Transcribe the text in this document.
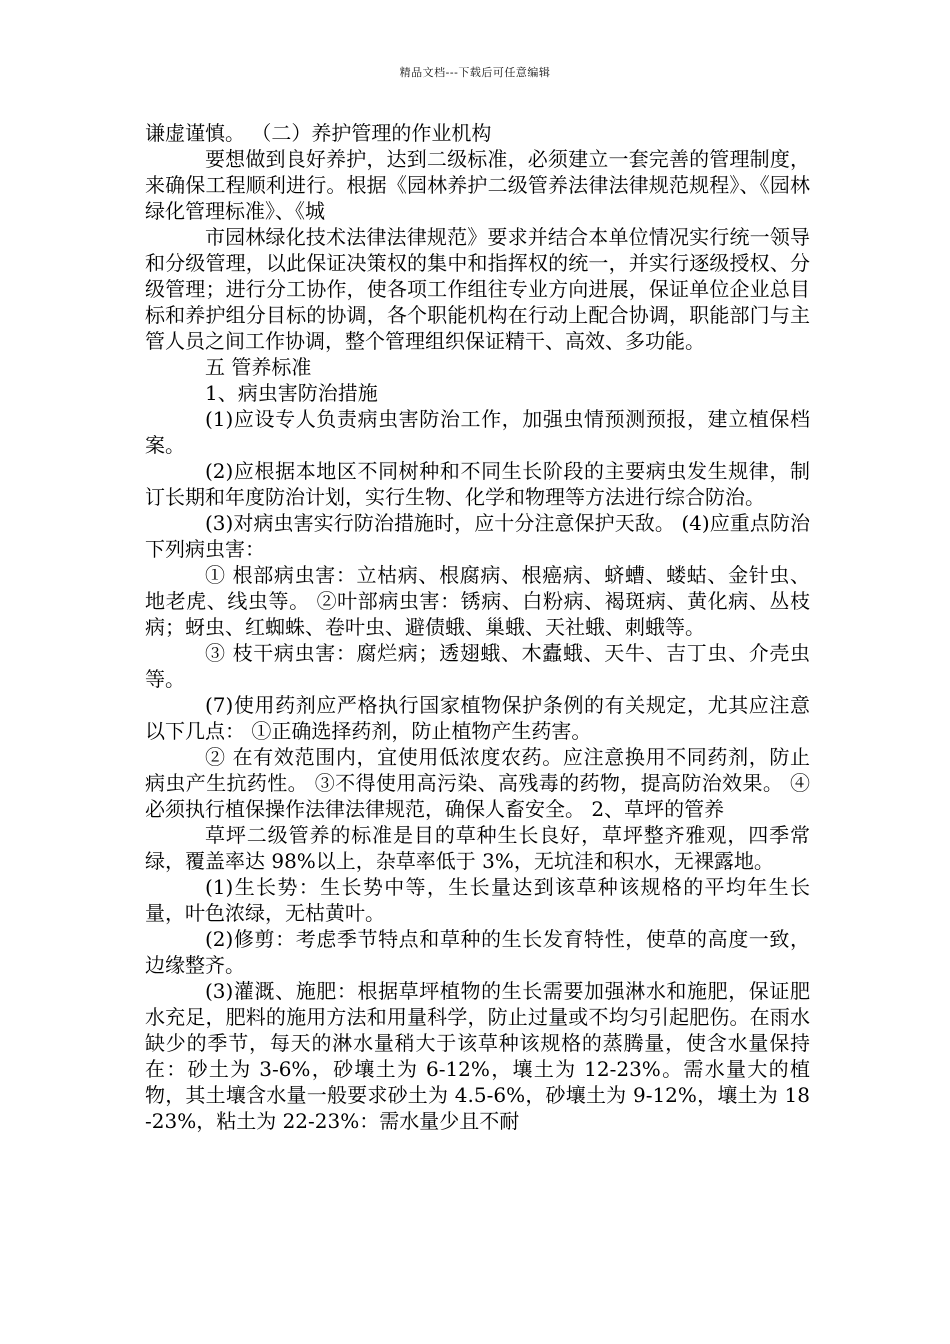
精品文档---下载后可任意编辑

谦虚谨慎。 （二）养护管理的作业机构

要想做到良好养护，达到二级标准，必须建立一套完善的管理制度，来确保工程顺利进行。根据《园林养护二级管养法律法律规范规程》、《园林绿化管理标准》、《城

市园林绿化技术法律法律规范》要求并结合本单位情况实行统一领导和分级管理，以此保证决策权的集中和指挥权的统一，并实行逐级授权、分级管理；进行分工协作，使各项工作组往专业方向进展，保证单位企业总目标和养护组分目标的协调，各个职能机构在行动上配合协调，职能部门与主管人员之间工作协调，整个管理组织保证精干、高效、多功能。

五 管养标准

1、病虫害防治措施

(1)应设专人负责病虫害防治工作，加强虫情预测预报，建立植保档案。

(2)应根据本地区不同树种和不同生长阶段的主要病虫发生规律，制订长期和年度防治计划，实行生物、化学和物理等方法进行综合防治。

(3)对病虫害实行防治措施时，应十分注意保护天敌。 (4)应重点防治下列病虫害：

① 根部病虫害：立枯病、根腐病、根癌病、蛴螬、蝼蛄、金针虫、地老虎、线虫等。 ②叶部病虫害：锈病、白粉病、褐斑病、黄化病、丛枝病；蚜虫、红蜘蛛、卷叶虫、避债蛾、巢蛾、天社蛾、刺蛾等。

③ 枝干病虫害：腐烂病；透翅蛾、木蠹蛾、天牛、吉丁虫、介壳虫等。

(7)使用药剂应严格执行国家植物保护条例的有关规定，尤其应注意以下几点： ①正确选择药剂，防止植物产生药害。

② 在有效范围内，宜使用低浓度农药。应注意换用不同药剂，防止病虫产生抗药性。 ③不得使用高污染、高残毒的药物，提高防治效果。 ④必须执行植保操作法律法律规范，确保人畜安全。 2、草坪的管养

草坪二级管养的标准是目的草种生长良好，草坪整齐雅观，四季常绿，覆盖率达 98%以上，杂草率低于 3%，无坑洼和积水，无裸露地。

(1)生长势：生长势中等，生长量达到该草种该规格的平均年生长量，叶色浓绿，无枯黄叶。

(2)修剪：考虑季节特点和草种的生长发育特性，使草的高度一致，边缘整齐。

(3)灌溉、施肥：根据草坪植物的生长需要加强淋水和施肥，保证肥水充足，肥料的施用方法和用量科学，防止过量或不均匀引起肥伤。在雨水缺少的季节，每天的淋水量稍大于该草种该规格的蒸腾量，使含水量保持在：砂土为 3-6%，砂壤土为 6-12%，壤土为 12-23%。需水量大的植物，其土壤含水量一般要求砂土为 4.5-6%，砂壤土为 9-12%，壤土为 18-23%，粘土为 22-23%：需水量少且不耐
